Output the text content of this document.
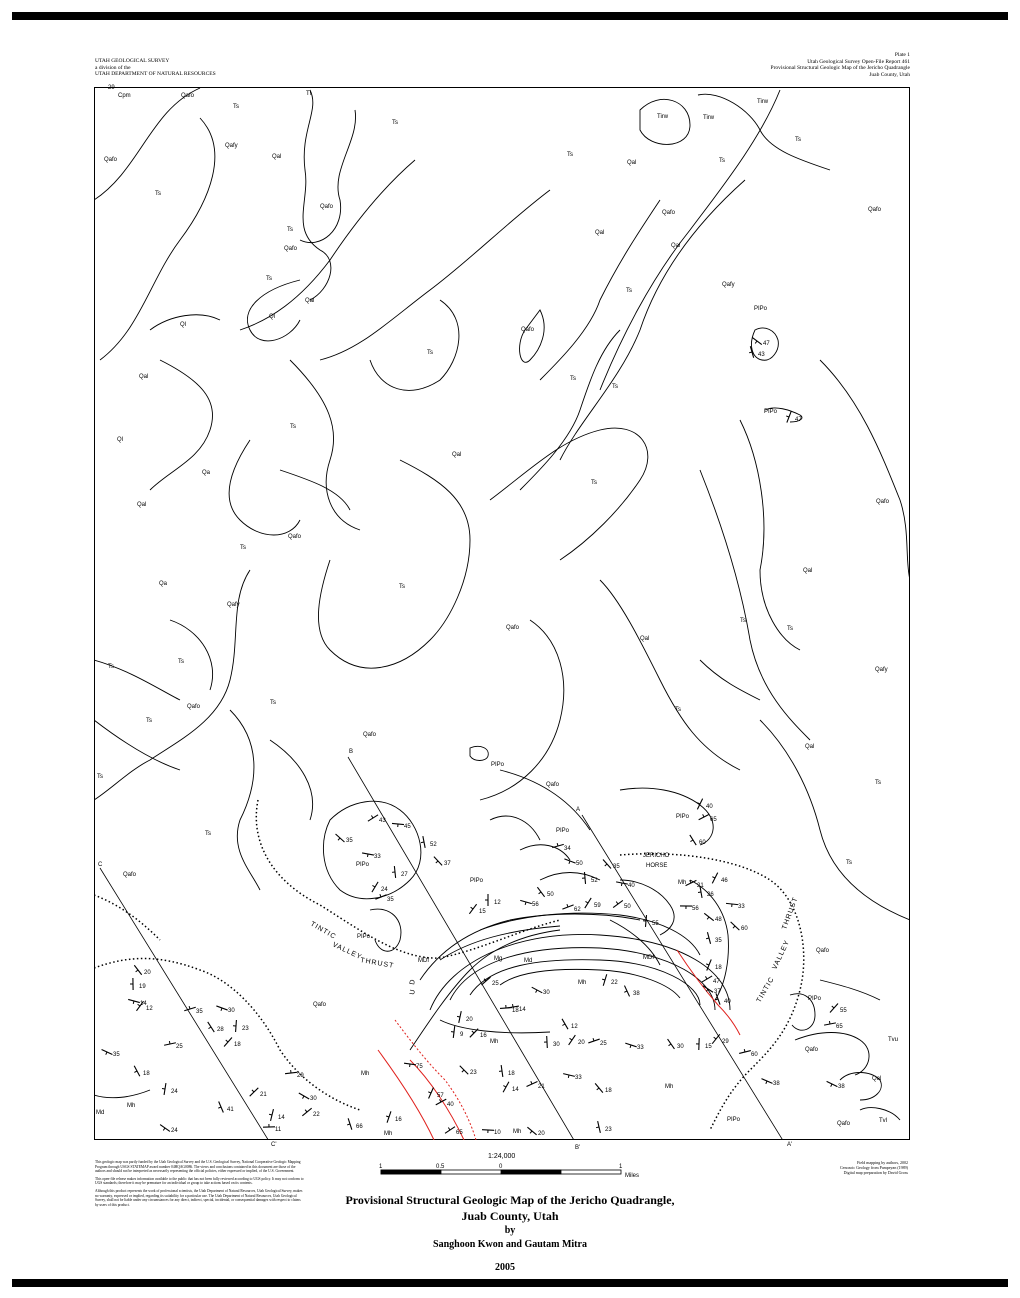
UTAH GEOLOGICAL SURVEY
a division of the
UTAH DEPARTMENT OF NATURAL RESOURCES
Plate 1
Utah Geological Survey Open-File Report 461
Provisional Structural Geologic Map of the Jericho Quadrangle
Juab County, Utah
Cpm	Qafo	Tl
Ts
Tirw
Tirw	Tirw
Ts
Ts
Qafy
Ts
Qafo	Qal
Qal	Ts
Ts
Qafo
Qafo	Qafo
Ts	Qal
Qafo	Qal
Ts
Qafy
Ts
Qal
PIPo
Ql
Ql
Qafo
Ts
Qal	Ts
Ts
PIPo
Ts
Ql
Qal
Qa
Ts
Qal	Qafo
Qafo
Ts
Qal
Qa	Ts
Qafy
Ts
Qafo	Ts
Qal
Ts
Ts	Qafy
Ts
Qafo	Ts
Ts
Qafo
Qal
B
PIPo
Ts
Qafo	Ts
A
PIPo
Ts	PIPo
JERICHO
Ts
PIPo	HORSE
C
Qafo
PIPo	Mh
PIPo
Qafo
MDf	Mg	Md	MDf
Mh
PIPo
Qafo
Tvu
Qafo
Mh
Mh
Qal
Mh
Mh
Md
PIPo
Qafo	Tvl
Mh	Mh
C'	B'	A'
TINTIC
VALLEY
THRUST
THRUST
VALLEY
TINTIC
D
U
29
47
43
47
43
45
35
52
40
65
33
37
27
24
35
14
20
19
12	35	30
28	23
18
25
35
18
24	21
29
30
41
14	22
11
24
66
16
65	10	20
23
57
40
75
23	18
14	21
33
18
30	20	25
33	30	15
29
60
38
12
9	16
14
30	38
20
25
18
37
40
22
50	56
48
35
18
47
33
60
26
46
21
40
35
52
59
62
56
50
12
15
34
50
60
55
55
65
38
1	0.5	0	1
Miles
1:24,000

This geologic map was partly funded by the Utah Geological Survey and the U.S. Geological Survey, National Cooperative Geologic Mapping Program through USGS STATEMAP award number 04HQAG0086. The views and conclusions contained in this document are those of the authors and should not be interpreted as necessarily representing the official policies, either expressed or implied, of the U.S. Government.

This open-file release makes information available to the public that has not been fully reviewed according to UGS policy. It may not conform to UGS standards; therefore it may be premature for an individual or group to take actions based on its contents.

Although this product represents the work of professional scientists, the Utah Department of Natural Resources, Utah Geological Survey, makes no warranty, expressed or implied, regarding its suitability for a particular use. The Utah Department of Natural Resources, Utah Geological Survey, shall not be liable under any circumstances for any direct, indirect, special, incidental, or consequential damages with respect to claims by users of this product.

Field mapping by authors, 2002
Cenozoic Geology from Pampeyan (1989)
Digital map preparation by David Gross
Provisional Structural Geologic Map of the Jericho Quadrangle,
Juab County, Utah
by
Sanghoon Kwon and Gautam Mitra
2005
